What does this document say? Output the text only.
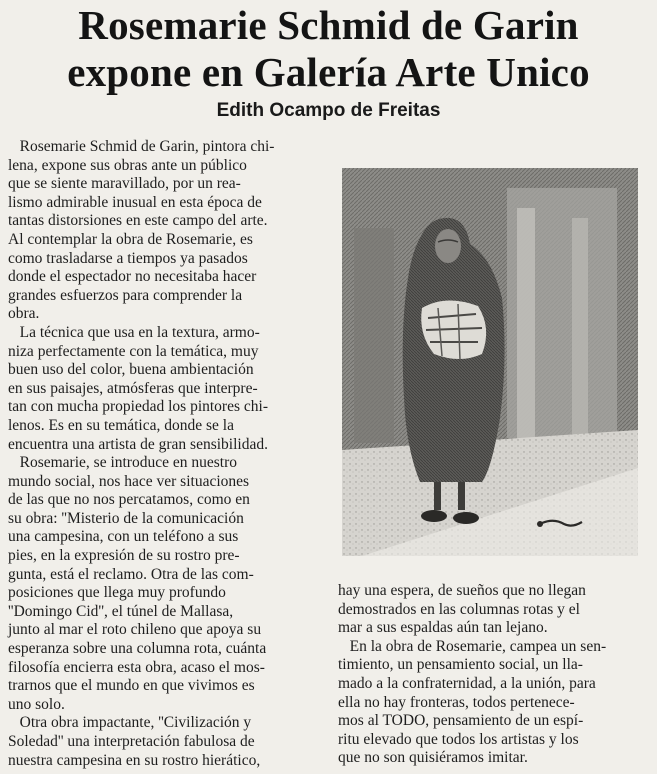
Rosemarie Schmid de Garin
expone en Galería Arte Unico
Edith Ocampo de Freitas
Rosemarie Schmid de Garin, pintora chi-
lena, expone sus obras ante un público
que se siente maravillado, por un rea-
lismo admirable inusual en esta época de
tantas distorsiones en este campo del arte.
Al contemplar la obra de Rosemarie, es
como trasladarse a tiempos ya pasados
donde el espectador no necesitaba hacer
grandes esfuerzos para comprender la
obra.
La técnica que usa en la textura, armo-
niza perfectamente con la temática, muy
buen uso del color, buena ambientación
en sus paisajes, atmósferas que interpre-
tan con mucha propiedad los pintores chi-
lenos. Es en su temática, donde se la
encuentra una artista de gran sensibilidad.
Rosemarie, se introduce en nuestro
mundo social, nos hace ver situaciones
de las que no nos percatamos, como en
su obra: ''Misterio de la comunicación
una campesina, con un teléfono a sus
pies, en la expresión de su rostro pre-
gunta, está el reclamo. Otra de las com-
posiciones que llega muy profundo
''Domingo Cid'', el túnel de Mallasa,
junto al mar el roto chileno que apoya su
esperanza sobre una columna rota, cuánta
filosofía encierra esta obra, acaso el mos-
trarnos que el mundo en que vivimos es
uno solo.
Otra obra impactante, ''Civilización y
Soledad'' una interpretación fabulosa de
nuestra campesina en su rostro hierático,
hay una espera, de sueños que no llegan
demostrados en las columnas rotas y el
mar a sus espaldas aún tan lejano.
En la obra de Rosemarie, campea un sen-
timiento, un pensamiento social, un lla-
mado a la confraternidad, a la unión, para
ella no hay fronteras, todos pertenece-
mos al TODO, pensamiento de un espí-
ritu elevado que todos los artistas y los
que no son quisiéramos imitar.
